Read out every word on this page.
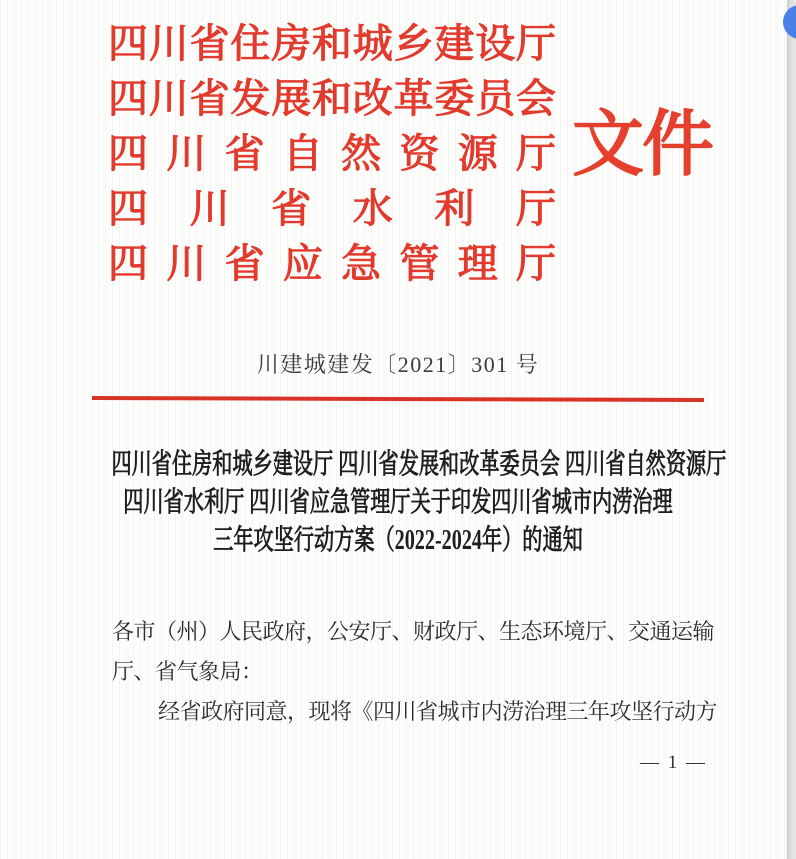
四川省住房和城乡建设厅
四川省发展和改革委员会
四川省自然资源厅
四川省水利厅
四川省应急管理厅
文件
川建城建发〔2021〕301 号
四川省住房和城乡建设厅 四川省发展和改革委员会 四川省自然资源厅
四川省水利厅 四川省应急管理厅关于印发四川省城市内涝治理
三年攻坚行动方案（2022-2024年）的通知
各市（州）人民政府，公安厅、财政厅、生态环境厅、交通运输
厅、省气象局：
经省政府同意，现将《四川省城市内涝治理三年攻坚行动方
— 1 —
